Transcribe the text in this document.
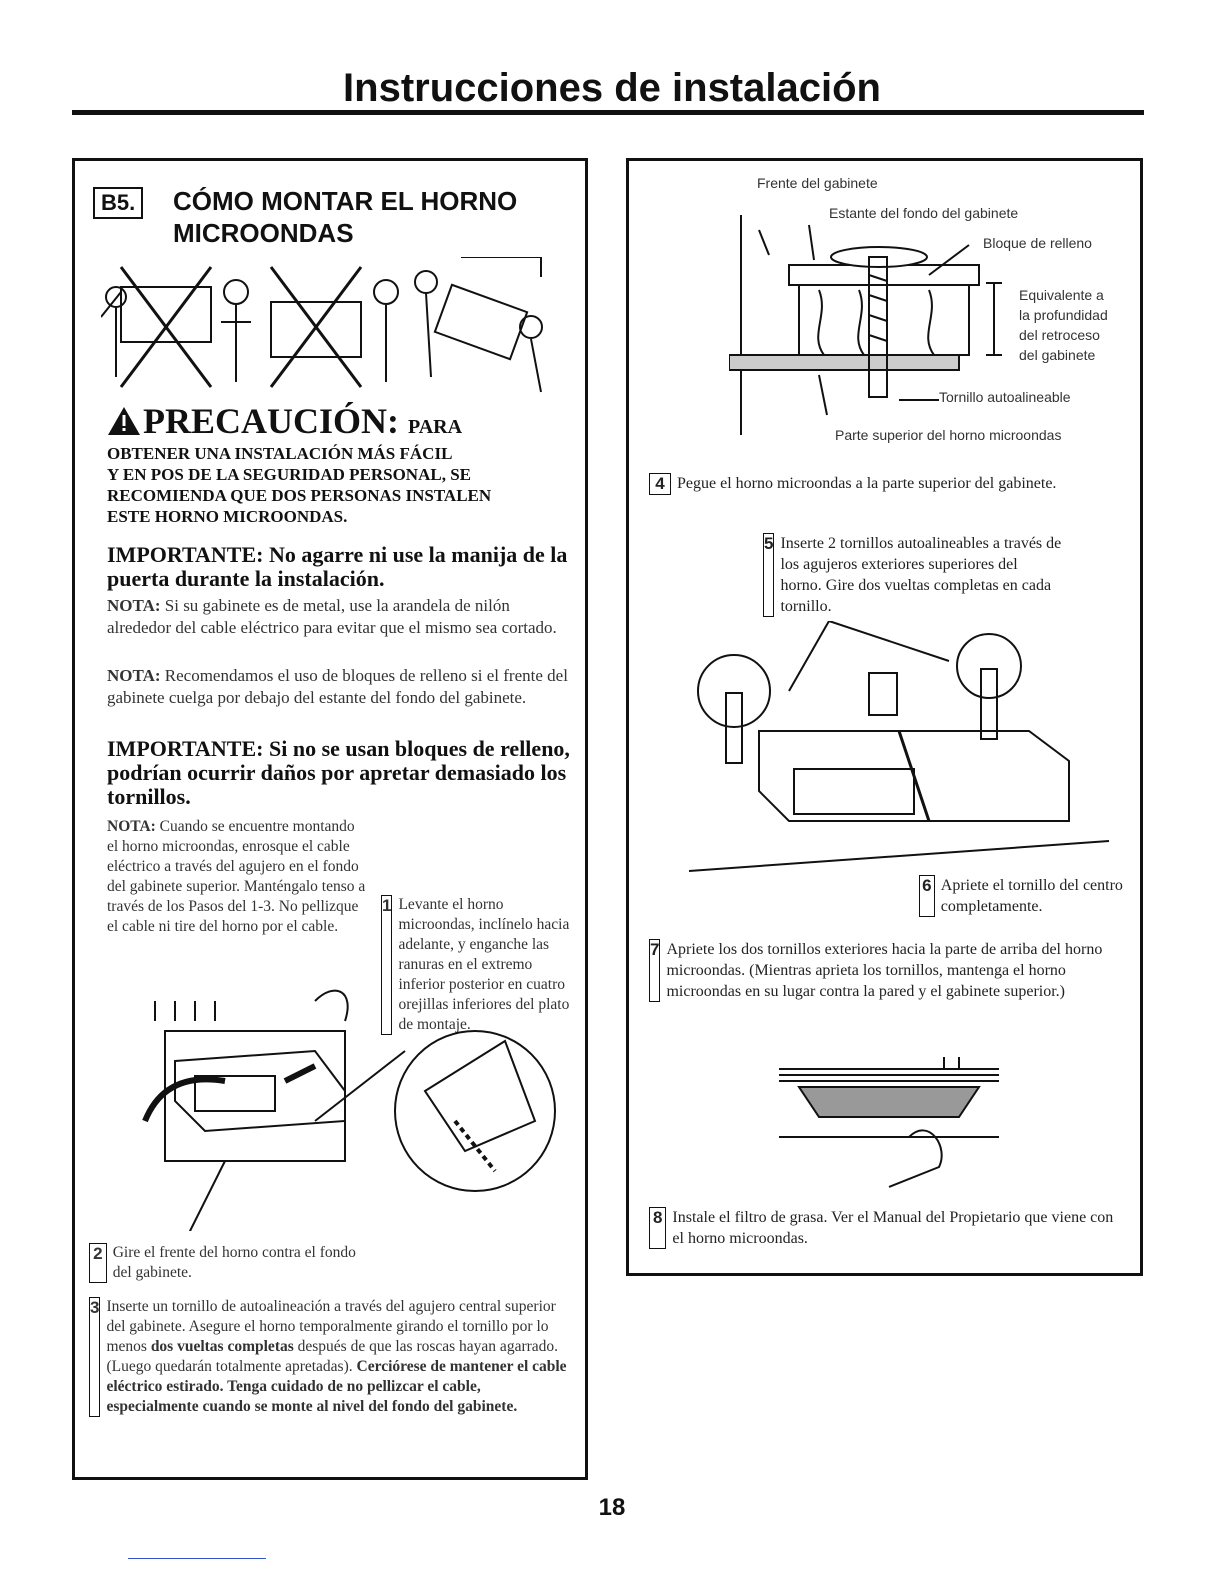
Instrucciones de instalación
B5.	CÓMO MONTAR EL HORNO
MICROONDAS
PRECAUCIÓN: PARA
OBTENER UNA INSTALACIÓN MÁS FÁCIL
Y EN POS DE LA SEGURIDAD PERSONAL, SE
RECOMIENDA QUE DOS PERSONAS INSTALEN
ESTE HORNO MICROONDAS.
IMPORTANTE: No agarre ni use la manija de la puerta durante la instalación.
NOTA: Si su gabinete es de metal, use la arandela de nilón alrededor del cable eléctrico para evitar que el mismo sea cortado.
NOTA: Recomendamos el uso de bloques de relleno si el frente del gabinete cuelga por debajo del estante del fondo del gabinete.
IMPORTANTE: Si no se usan bloques de relleno, podrían ocurrir daños por apretar demasiado los tornillos.
NOTA: Cuando se encuentre montando el horno microondas, enrosque el cable eléctrico a través del agujero en el fondo del gabinete superior. Manténgalo tenso a través de los Pasos del 1-3. No pellizque el cable ni tire del horno por el cable.
1 Levante el horno microondas, inclínelo hacia adelante, y enganche las ranuras en el extremo inferior posterior en cuatro orejillas inferiores del plato de montaje.
2 Gire el frente del horno contra el fondo del gabinete.
3 Inserte un tornillo de autoalineación a través del agujero central superior del gabinete. Asegure el horno temporalmente girando el tornillo por lo menos dos vueltas completas después de que las roscas hayan agarrado. (Luego quedarán totalmente apretadas). Cerciórese de mantener el cable eléctrico estirado. Tenga cuidado de no pellizcar el cable, especialmente cuando se monte al nivel del fondo del gabinete.
Frente del gabinete
Estante del fondo del gabinete
Bloque de relleno
Equivalente a
la profundidad
del retroceso
del gabinete
Tornillo autoalineable
Parte superior del horno microondas
4 Pegue el horno microondas a la parte superior del gabinete.
5 Inserte 2 tornillos autoalineables a través de los agujeros exteriores superiores del horno. Gire dos vueltas completas en cada tornillo.
6 Apriete el tornillo del centro completamente.
7 Apriete los dos tornillos exteriores hacia la parte de arriba del horno microondas. (Mientras aprieta los tornillos, mantenga el horno microondas en su lugar contra la pared y el gabinete superior.)
8 Instale el filtro de grasa. Ver el Manual del Propietario que viene con el horno microondas.
18
